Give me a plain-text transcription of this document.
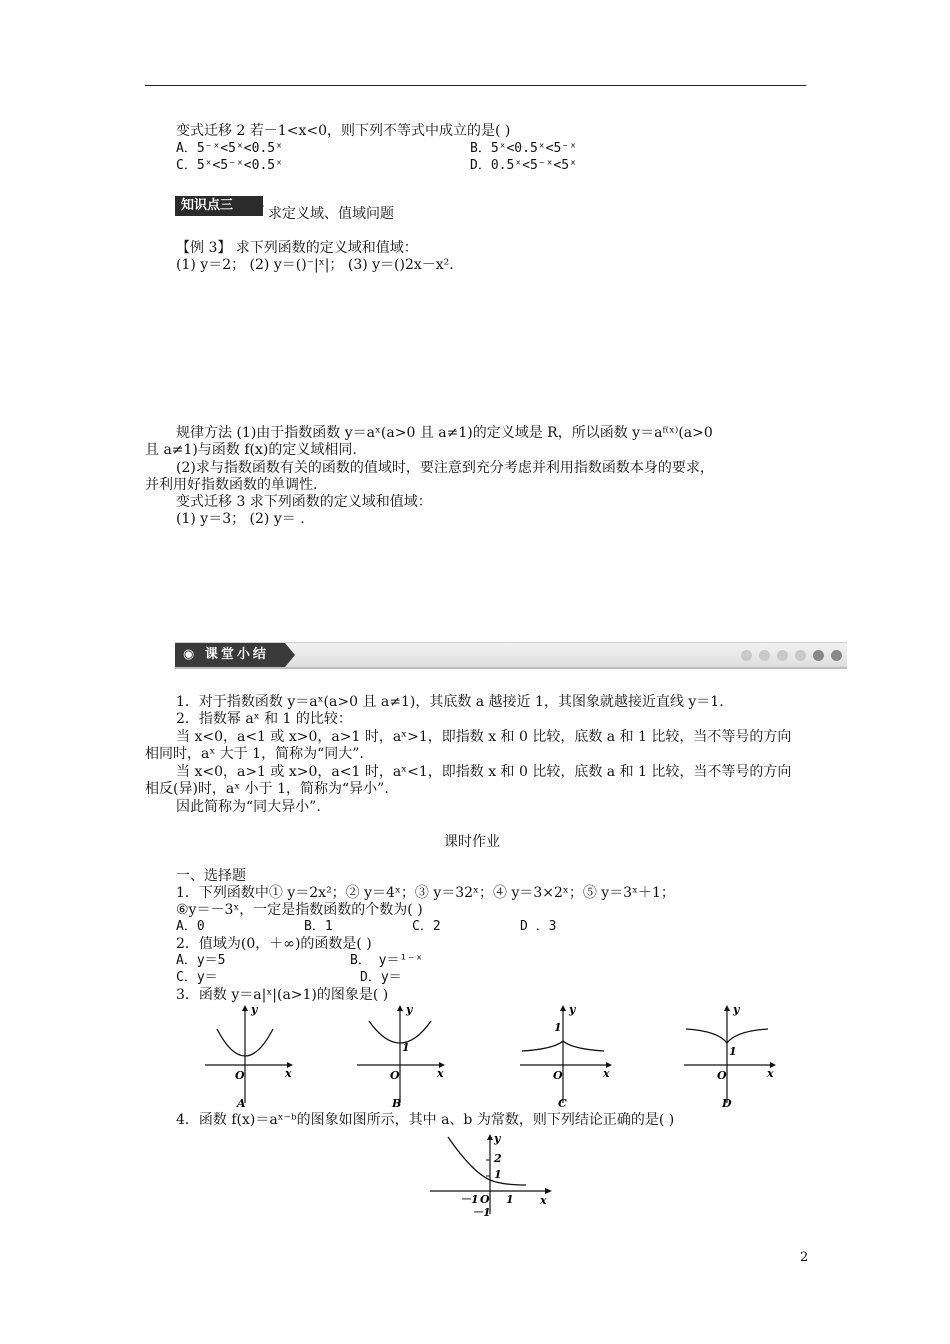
变式迁移 2 若－1<x<0，则下列不等式中成立的是( )
A．5⁻ˣ<5ˣ<0.5ˣ	B．5ˣ<0.5ˣ<5⁻ˣ
C．5ˣ<5⁻ˣ<0.5ˣ	D．0.5ˣ<5⁻ˣ<5ˣ
知识点三
求定义域、值域问题
【例 3】 求下列函数的定义域和值域：
(1) y＝2； (2) y＝()⁻|ˣ|； (3) y＝()2x－x².
规律方法 (1)由于指数函数 y＝aˣ(a>0 且 a≠1)的定义域是 R，所以函数 y＝aᶠ⁽ˣ⁾(a>0
且 a≠1)与函数 f(x)的定义域相同.
(2)求与指数函数有关的函数的值域时，要注意到充分考虑并利用指数函数本身的要求，
并利用好指数函数的单调性.
变式迁移 3 求下列函数的定义域和值域：
(1) y＝3； (2) y＝ .
◉ 课堂小结
1．对于指数函数 y＝aˣ(a>0 且 a≠1)，其底数 a 越接近 1，其图象就越接近直线 y＝1.
2．指数幂 aˣ 和 1 的比较：
当 x<0，a<1 或 x>0，a>1 时，aˣ>1，即指数 x 和 0 比较，底数 a 和 1 比较，当不等号的方向
相同时，aˣ 大于 1，简称为“同大”.
当 x<0，a>1 或 x>0，a<1 时，aˣ<1，即指数 x 和 0 比较，底数 a 和 1 比较，当不等号的方向
相反(异)时，aˣ 小于 1，简称为“异小”.
因此简称为“同大异小”.
课时作业
一、选择题
1．下列函数中① y＝2x²；② y＝4ˣ；③ y＝32ˣ；④ y＝3×2ˣ；⑤ y＝3ˣ＋1；
⑥y＝－3ˣ，一定是指数函数的个数为( )
A．0	B．1	C．2	D ．3
2．值域为(0，＋∞)的函数是( )
A．y＝5	B． y＝¹⁻ˣ
C．y＝	D．y＝
3．函数 y＝a|ˣ|(a>1)的图象是( )
y
x
O
A
y
x
O
1
B
y
x
O
1
C
y
x
O
1
D
4．函数 f(x)＝aˣ⁻ᵇ的图象如图所示，其中 a、b 为常数，则下列结论正确的是( )
y
x
O
2
1
1
－1
－1
2
